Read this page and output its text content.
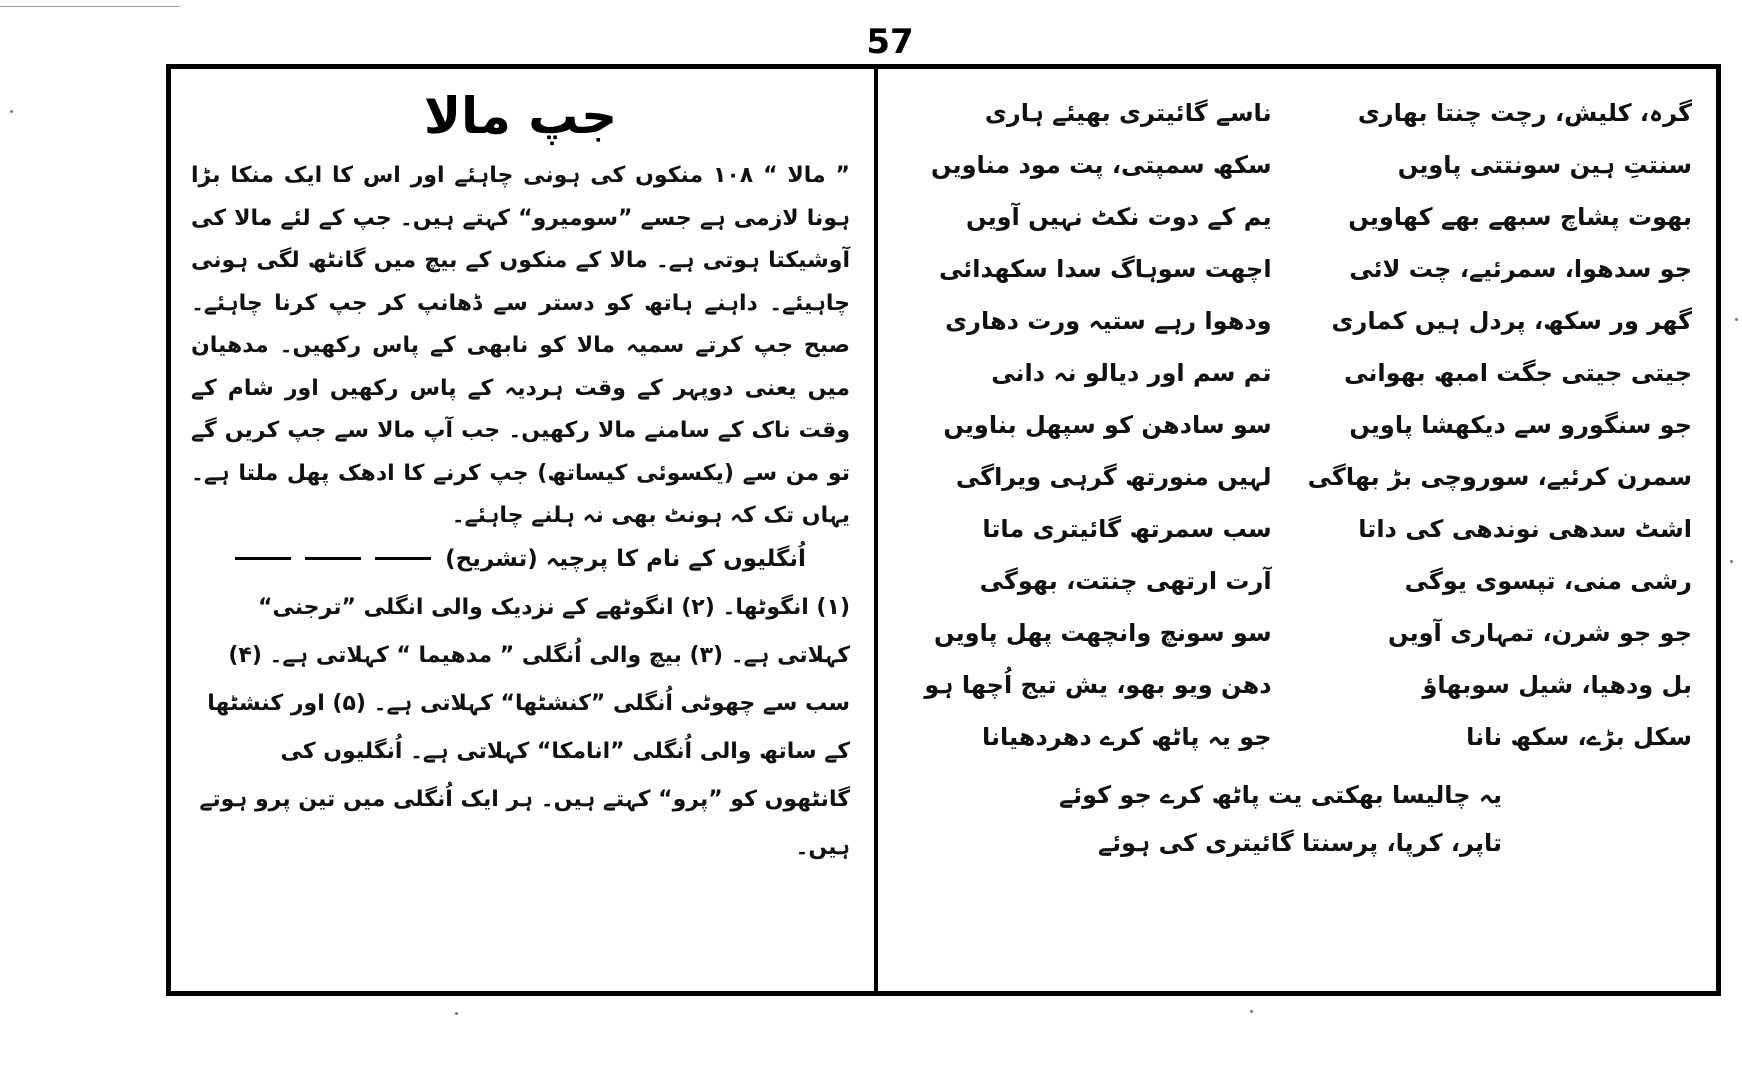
57
جپ مالا

” مالا “ ۱۰۸ منکوں کی ہونی چاہئے اور اس کا ایک منکا بڑا ہونا لازمی ہے جسے ”سومیرو“ کہتے ہیں۔ جپ کے لئے مالا کی آوشیکتا ہوتی ہے۔ مالا کے منکوں کے بیچ میں گانٹھ لگی ہونی چاہیئے۔ داہنے ہاتھ کو دستر سے ڈھانپ کر جپ کرنا چاہئے۔ صبح جپ کرتے سمیہ مالا کو نابھی کے پاس رکھیں۔ مدھیان میں یعنی دوپہر کے وقت ہردیہ کے پاس رکھیں اور شام کے وقت ناک کے سامنے مالا رکھیں۔ جب آپ مالا سے جپ کریں گے تو من سے (یکسوئی کیساتھ) جپ کرنے کا ادھک پھل ملتا ہے۔ یہاں تک کہ ہونٹ بھی نہ ہلنے چاہئے۔

اُنگلیوں کے نام کا پرچیہ (تشریح)

(۱) انگوٹھا۔ (۲) انگوٹھے کے نزدیک والی انگلی ”ترجنی“ کہلاتی ہے۔ (۳) بیچ والی اُنگلی ” مدھیما “ کہلاتی ہے۔ (۴) سب سے چھوٹی اُنگلی ”کنشٹھا“ کہلاتی ہے۔ (۵) اور کنشٹھا کے ساتھ والی اُنگلی ”انامکا“ کہلاتی ہے۔ اُنگلیوں کی گانٹھوں کو ”پرو“ کہتے ہیں۔ ہر ایک اُنگلی میں تین پرو ہوتے ہیں۔

گرہ، کلیش، رچت چنتا بھاری
ناسے گائیتری بھیئے ہاری
سنتتِ ہین سونتتی پاویں
سکھ سمپتی، پت مود مناویں
بھوت پشاچ سبھے بھے کھاویں
یم کے دوت نکٹ نہیں آویں
جو سدھوا، سمرئیے، چت لائی
اچھت سوہاگ سدا سکھدائی
گھر ور سکھ، پردل ہیں کماری
ودھوا رہے ستیہ ورت دھاری
جیتی جیتی جگت امبھ بھوانی
تم سم اور دیالو نہ دانی
جو سنگورو سے دیکھشا پاویں
سو سادھن کو سپھل بناویں
سمرن کرئیے، سوروچی بڑ بھاگی
لہیں منورتھ گرہی ویراگی
اشٹ سدھی نوندھی کی داتا
سب سمرتھ گائیتری ماتا
رشی منی، تپسوی یوگی
آرت ارتھی چنتت، بھوگی
جو جو شرن، تمہاری آویں
سو سونچ وانچھت پھل پاویں
بل ودھیا، شیل سوبھاؤ
دھن ویو بھو، یش تیج اُچھا ہو
سکل بڑے، سکھ نانا
جو یہ پاٹھ کرے دھردھیانا
یہ چالیسا بھکتی یت پاٹھ کرے جو کوئے
تاپر، کرپا، پرسنتا گائیتری کی ہوئے
